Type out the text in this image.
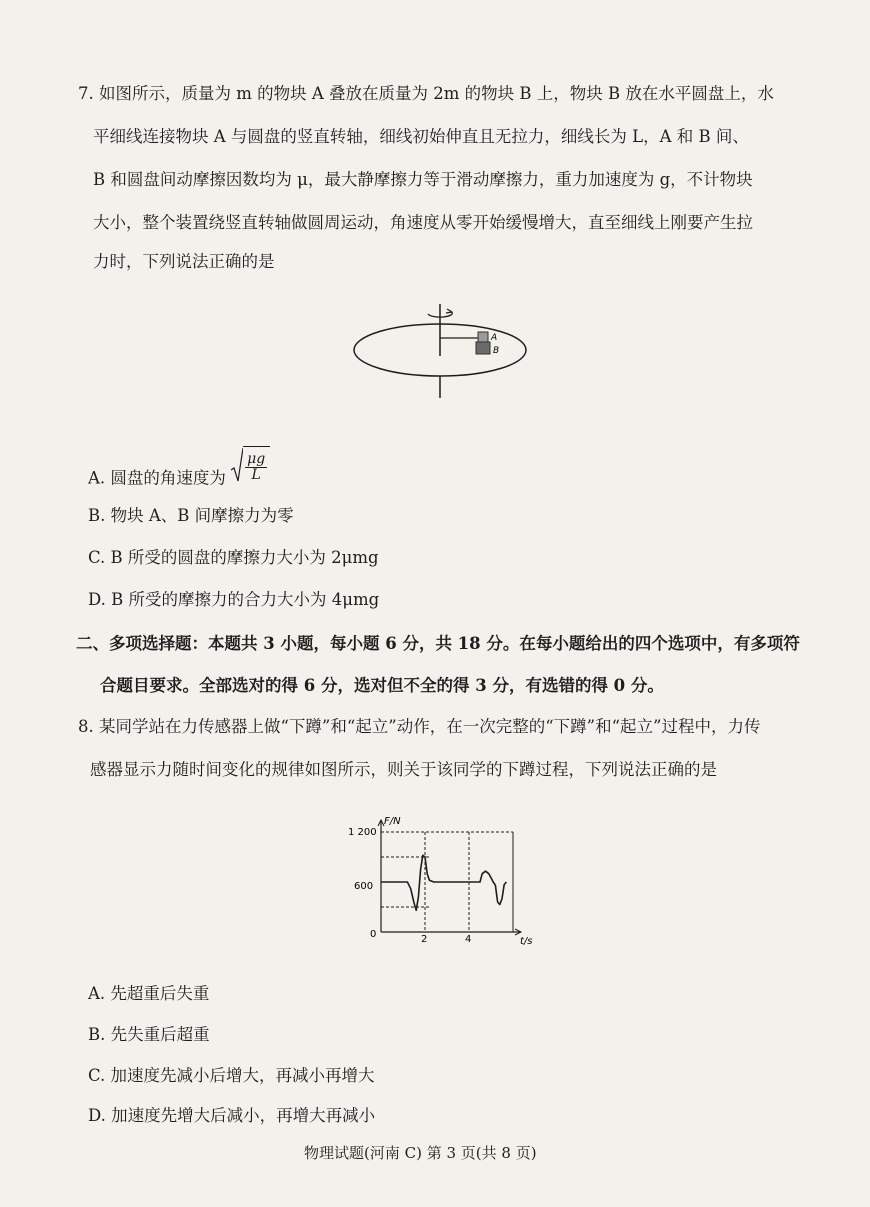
7. 如图所示，质量为 m 的物块 A 叠放在质量为 2m 的物块 B 上，物块 B 放在水平圆盘上，水
平细线连接物块 A 与圆盘的竖直转轴，细线初始伸直且无拉力，细线长为 L，A 和 B 间、
B 和圆盘间动摩擦因数均为 μ，最大静摩擦力等于滑动摩擦力，重力加速度为 g，不计物块
大小，整个装置绕竖直转轴做圆周运动，角速度从零开始缓慢增大，直至细线上刚要产生拉
力时，下列说法正确的是
A
B
A. 圆盘的角速度为 $\frac{\mu g}{L}$
B. 物块 A、B 间摩擦力为零
C. B 所受的圆盘的摩擦力大小为 2μmg
D. B 所受的摩擦力的合力大小为 4μmg
二、多项选择题：本题共 3 小题，每小题 6 分，共 18 分。在每小题给出的四个选项中，有多项符
合题目要求。全部选对的得 6 分，选对但不全的得 3 分，有选错的得 0 分。
8. 某同学站在力传感器上做“下蹲”和“起立”动作，在一次完整的“下蹲”和“起立”过程中，力传
感器显示力随时间变化的规律如图所示，则关于该同学的下蹲过程，下列说法正确的是
F/N
t/s
1 200
600
0	2	4
A. 先超重后失重
B. 先失重后超重
C. 加速度先减小后增大，再减小再增大
D. 加速度先增大后减小，再增大再减小
物理试题(河南 C) 第 3 页(共 8 页)
